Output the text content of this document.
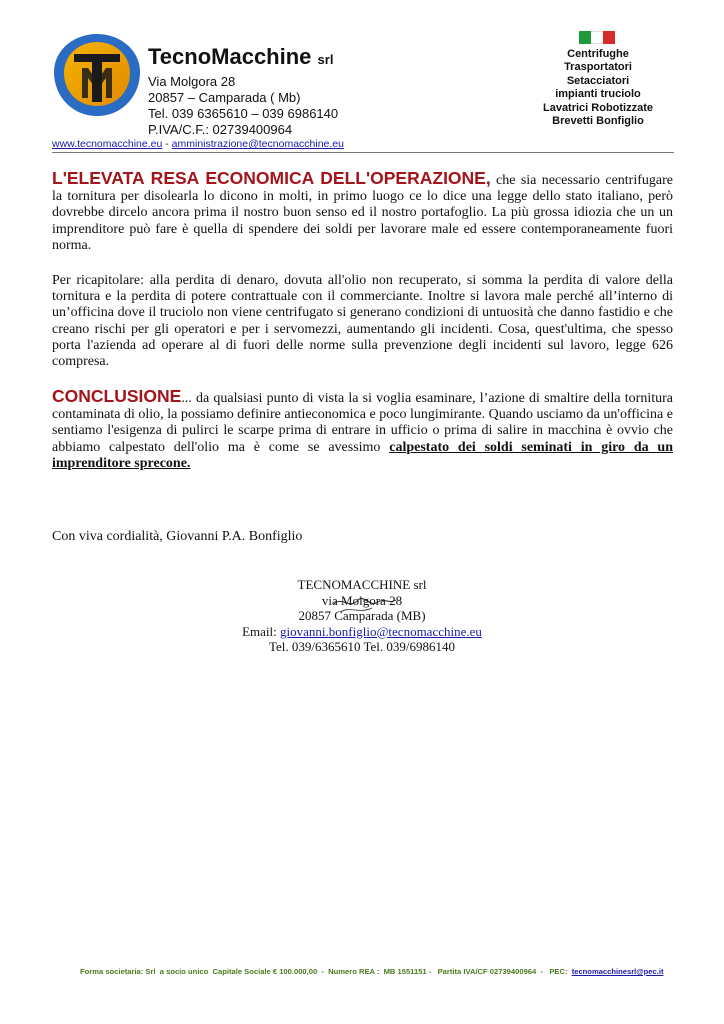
TecnoMacchine srl
Via Molgora 28
20857 – Camparada ( Mb)
Tel. 039 6365610 – 039 6986140
P.IVA/C.F.: 02739400964
Centrifughe
Trasportatori
Setacciatori
impianti truciolo
Lavatrici Robotizzate
Brevetti Bonfiglio
www.tecnomacchine.eu - amministrazione@tecnomacchine.eu

L'ELEVATA RESA ECONOMICA DELL'OPERAZIONE, che sia necessario centrifugare la tornitura per disolearla lo dicono in molti, in primo luogo ce lo dice una legge dello stato italiano, però dovrebbe dircelo ancora prima il nostro buon senso ed il nostro portafoglio. La più grossa idiozia che un un imprenditore può fare è quella di spendere dei soldi per lavorare male ed essere contemporaneamente fuori norma.

Per ricapitolare: alla perdita di denaro, dovuta all'olio non recuperato, si somma la perdita di valore della tornitura e la perdita di potere contrattuale con il commerciante. Inoltre si lavora male perché all’interno di un’officina dove il truciolo non viene centrifugato si generano condizioni di untuosità che danno fastidio e che creano rischi per gli operatori e per i servomezzi, aumentando gli incidenti. Cosa, quest'ultima, che spesso porta l'azienda ad operare al di fuori delle norme sulla prevenzione degli incidenti sul lavoro, legge 626 compresa.

CONCLUSIONE... da qualsiasi punto di vista la si voglia esaminare, l’azione di smaltire della tornitura contaminata di olio, la possiamo definire antieconomica e poco lungimirante. Quando usciamo da un'officina e sentiamo l'esigenza di pulirci le scarpe prima di entrare in ufficio o prima di salire in macchina è ovvio che abbiamo calpestato dell'olio ma è come se avessimo calpestato dei soldi seminati in giro da un imprenditore sprecone.

Con viva cordialità, Giovanni P.A. Bonfiglio
TECNOMACCHINE srl
via Molgora 28
20857 Camparada (MB)
Email: giovanni.bonfiglio@tecnomacchine.eu
Tel. 039/6365610 Tel. 039/6986140
Forma societaria: Srl  a socio unico  Capitale Sociale € 100.000,00  -  Numero REA :  MB 1551151 -   Partita IVA/CF 02739400964  -   PEC:  tecnomacchinesrl@pec.it
